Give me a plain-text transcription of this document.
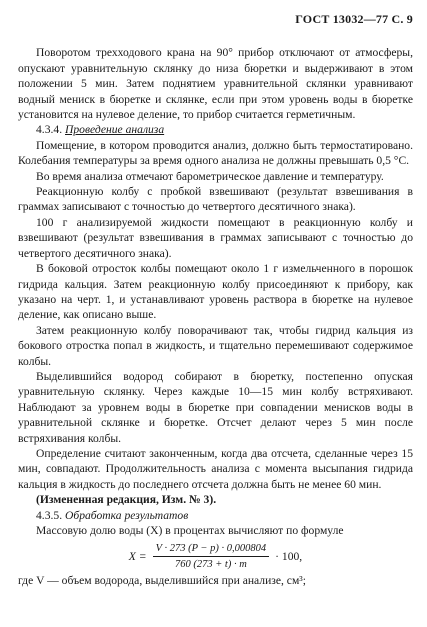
ГОСТ 13032—77 С. 9

Поворотом трехходового крана на 90° прибор отключают от атмосферы, опускают уравнительную склянку до низа бюретки и выдерживают в этом положении 5 мин. Затем поднятием уравнительной склянки уравнивают водный мениск в бюретке и склянке, если при этом уровень воды в бюретке установится на нулевое деление, то прибор считается герметичным.

4.3.4. Проведение анализа

Помещение, в котором проводится анализ, должно быть термостатировано. Колебания температуры за время одного анализа не должны превышать 0,5 °С.

Во время анализа отмечают барометрическое давление и температуру.

Реакционную колбу с пробкой взвешивают (результат взвешивания в граммах записывают с точностью до четвертого десятичного знака).

100 г анализируемой жидкости помещают в реакционную колбу и взвешивают (результат взвешивания в граммах записывают с точностью до четвертого десятичного знака).

В боковой отросток колбы помещают около 1 г измельченного в порошок гидрида кальция. Затем реакционную колбу присоединяют к прибору, как указано на черт. 1, и устанавливают уровень раствора в бюретке на нулевое деление, как описано выше.

Затем реакционную колбу поворачивают так, чтобы гидрид кальция из бокового отростка попал в жидкость, и тщательно перемешивают содержимое колбы.

Выделившийся водород собирают в бюретку, постепенно опуская уравнительную склянку. Через каждые 10—15 мин колбу встряхивают. Наблюдают за уровнем воды в бюретке при совпадении менисков воды в уравнительной склянке и бюретке. Отсчет делают через 5 мин после встряхивания колбы.

Определение считают законченным, когда два отсчета, сделанные через 15 мин, совпадают. Продолжительность анализа с момента высыпания гидрида кальция в жидкость до последнего отсчета должна быть не менее 60 мин.

(Измененная редакция, Изм. № 3).

4.3.5. Обработка результатов

Массовую долю воды (X) в процентах вычисляют по формуле

$X = \frac{V \cdot 273 (P - p) \cdot 0,000804}{760 (273 + t) \cdot m} \cdot 100$,

где V — объем водорода, выделившийся при анализе, см³;
